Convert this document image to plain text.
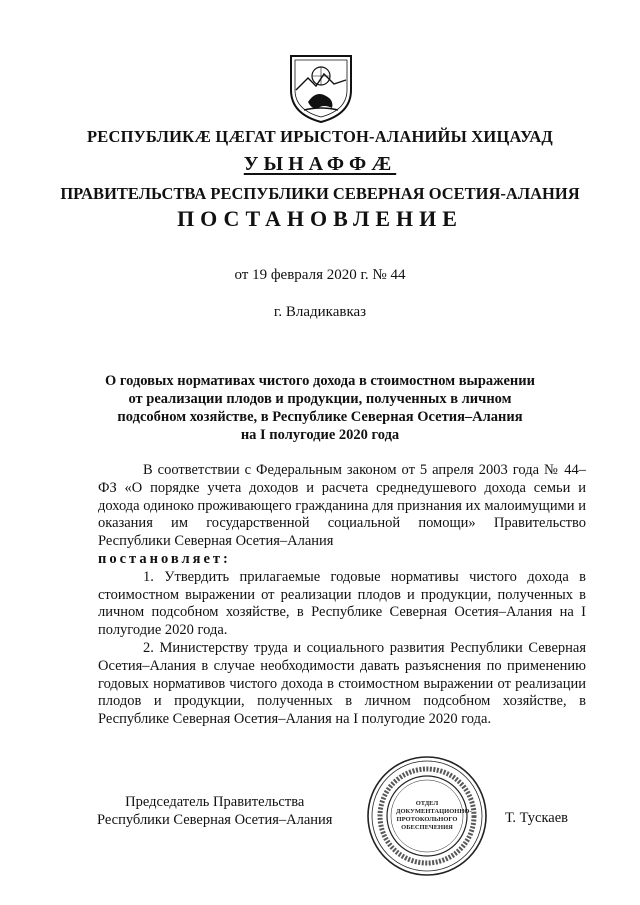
РЕСПУБЛИКÆ ЦÆГАТ ИРЫСТОН-АЛАНИЙЫ ХИЦАУАД
УЫНАФФÆ
ПРАВИТЕЛЬСТВА РЕСПУБЛИКИ СЕВЕРНАЯ ОСЕТИЯ-АЛАНИЯ
ПОСТАНОВЛЕНИЕ
от 19 февраля 2020 г. № 44
г. Владикавказ
О годовых нормативах чистого дохода в стоимостном выражении
от реализации плодов и продукции, полученных в личном
подсобном хозяйстве, в Республике Северная Осетия–Алания
на I полугодие 2020 года

В соответствии с Федеральным законом от 5 апреля 2003 года № 44–ФЗ «О порядке учета доходов и расчета среднедушевого дохода семьи и дохода одиноко проживающего гражданина для признания их малоимущими и оказания им государственной социальной помощи» Правительство Республики Северная Осетия–Алания

постановляет:

1. Утвердить прилагаемые годовые нормативы чистого дохода в стоимостном выражении от реализации плодов и продукции, полученных в личном подсобном хозяйстве, в Республике Северная Осетия–Алания на I полугодие 2020 года.

2. Министерству труда и социального развития Республики Северная Осетия–Алания в случае необходимости давать разъяснения по применению годовых нормативов чистого дохода в стоимостном выражении от реализации плодов и продукции, полученных в личном подсобном хозяйстве, в Республике Северная Осетия–Алания на I полугодие 2020 года.

Председатель Правительства
Республики Северная Осетия–Алания
ОТДЕЛ ДОКУМЕНТАЦИОННО-ПРОТОКОЛЬНОГО ОБЕСПЕЧЕНИЯ
Т. Тускаев
